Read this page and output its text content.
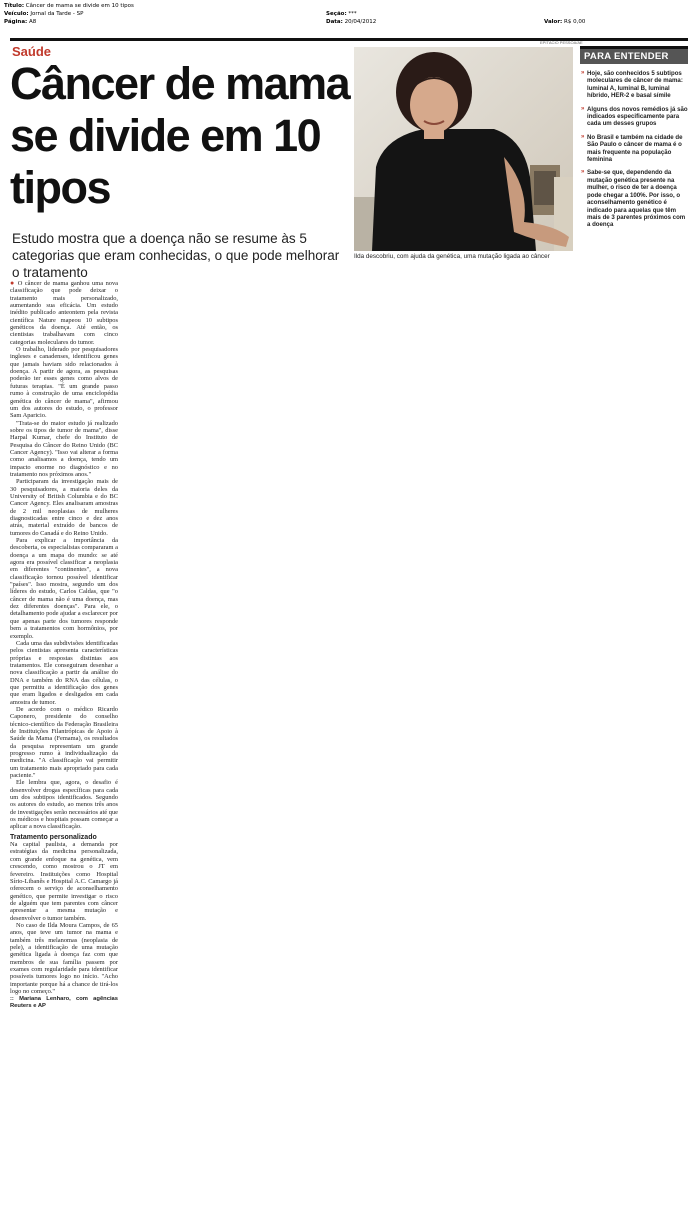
Título: Câncer de mama se divide em 10 tipos
Veículo: Jornal da Tarde - SP	Seção: ***
Página: A8	Data: 20/04/2012	Valor: R$ 0,00
Saúde
Câncer de mama se divide em 10 tipos
Estudo mostra que a doença não se resume às 5 categorias que eram conhecidas, o que pode melhorar o tratamento
EPITÁCIO PESSOA/AE
Ilda descobriu, com ajuda da genética, uma mutação ligada ao câncer
PARA ENTENDER
» Hoje, são conhecidos 5 subtipos moleculares de câncer de mama: luminal A, luminal B, luminal híbrido, HER-2 e basal símile
» Alguns dos novos remédios já são indicados especificamente para cada um desses grupos
» No Brasil e também na cidade de São Paulo o câncer de mama é o mais frequente na população feminina
» Sabe-se que, dependendo da mutação genética presente na mulher, o risco de ter a doença pode chegar a 100%. Por isso, o aconselhamento genético é indicado para aquelas que têm mais de 3 parentes próximos com a doença

● O câncer de mama ganhou uma nova classificação que pode deixar o tratamento mais personalizado, aumentando sua eficácia. Um estudo inédito publicado anteontem pela revista científica Nature mapeou 10 subtipos genéticos da doença. Até então, os cientistas trabalhavam com cinco categorias moleculares do tumor.

O trabalho, liderado por pesquisadores ingleses e canadenses, identificou genes que jamais haviam sido relacionados à doença. A partir de agora, as pesquisas poderão ter esses genes como alvos de futuras terapias. "É um grande passo rumo à construção de uma enciclopédia genética do câncer de mama", afirmou um dos autores do estudo, o professor Sam Aparicio.

"Trata-se do maior estudo já realizado sobre os tipos de tumor de mama", disse Harpal Kumar, chefe do Instituto de Pesquisa do Câncer do Reino Unido (BC Cancer Agency). "Isso vai alterar a forma como analisamos a doença, tendo um impacto enorme no diagnóstico e no tratamento nos próximos anos."

Participaram da investigação mais de 30 pesquisadores, a maioria deles da University of British Columbia e do BC Cancer Agency. Eles analisaram amostras de 2 mil neoplasias de mulheres diagnosticadas entre cinco e dez anos atrás, material extraído de bancos de tumores do Canadá e do Reino Unido.

Para explicar a importância da descoberta, os especialistas compararam a doença a um mapa do mundo: se até agora era possível classificar a neoplasia em diferentes "continentes", a nova classificação tornou possível identificar "países". Isso mostra, segundo um dos líderes do estudo, Carlos Caldas, que "o câncer de mama não é uma doença, mas dez diferentes doenças". Para ele, o detalhamento pode ajudar a esclarecer por que apenas parte dos tumores responde bem a tratamentos com hormônios, por exemplo.

Cada uma das subdivisões identificadas pelos cientistas apresenta características próprias e respostas distintas aos tratamentos. Ele conseguiram desenhar a nova classificação a partir da análise do DNA e também do RNA das células, o que permitiu a identificação dos genes que eram ligados e desligados em cada amostra de tumor.

De acordo com o médico Ricardo Caponero, presidente do conselho técnico-científico da Federação Brasileira de Instituições Filantrópicas de Apoio à Saúde da Mama (Femama), os resultados da pesquisa representam um grande progresso rumo à individualização da medicina. "A classificação vai permitir um tratamento mais apropriado para cada paciente."

Ele lembra que, agora, o desafio é desenvolver drogas específicas para cada um dos subtipos identificados. Segundo os autores do estudo, ao menos três anos de investigações serão necessários até que os médicos e hospitais possam começar a aplicar a nova classificação.

Tratamento personalizado

Na capital paulista, a demanda por estratégias da medicina personalizada, com grande enfoque na genética, vem crescendo, como mostrou o JT em fevereiro. Instituições como Hospital Sírio-Libanês e Hospital A.C. Camargo já oferecem o serviço de aconselhamento genético, que permite investigar o risco de alguém que tem parentes com câncer apresentar a mesma mutação e desenvolver o tumor também.

No caso de Ilda Moura Campos, de 65 anos, que teve um tumor na mama e também três melanomas (neoplasia de pele), a identificação de uma mutação genética ligada à doença faz com que membros de sua família passem por exames com regularidade para identificar possíveis tumores logo no início. "Acho importante porque há a chance de tirá-los logo no começo."

:: Mariana Lenharo, com agências Reuters e AP
